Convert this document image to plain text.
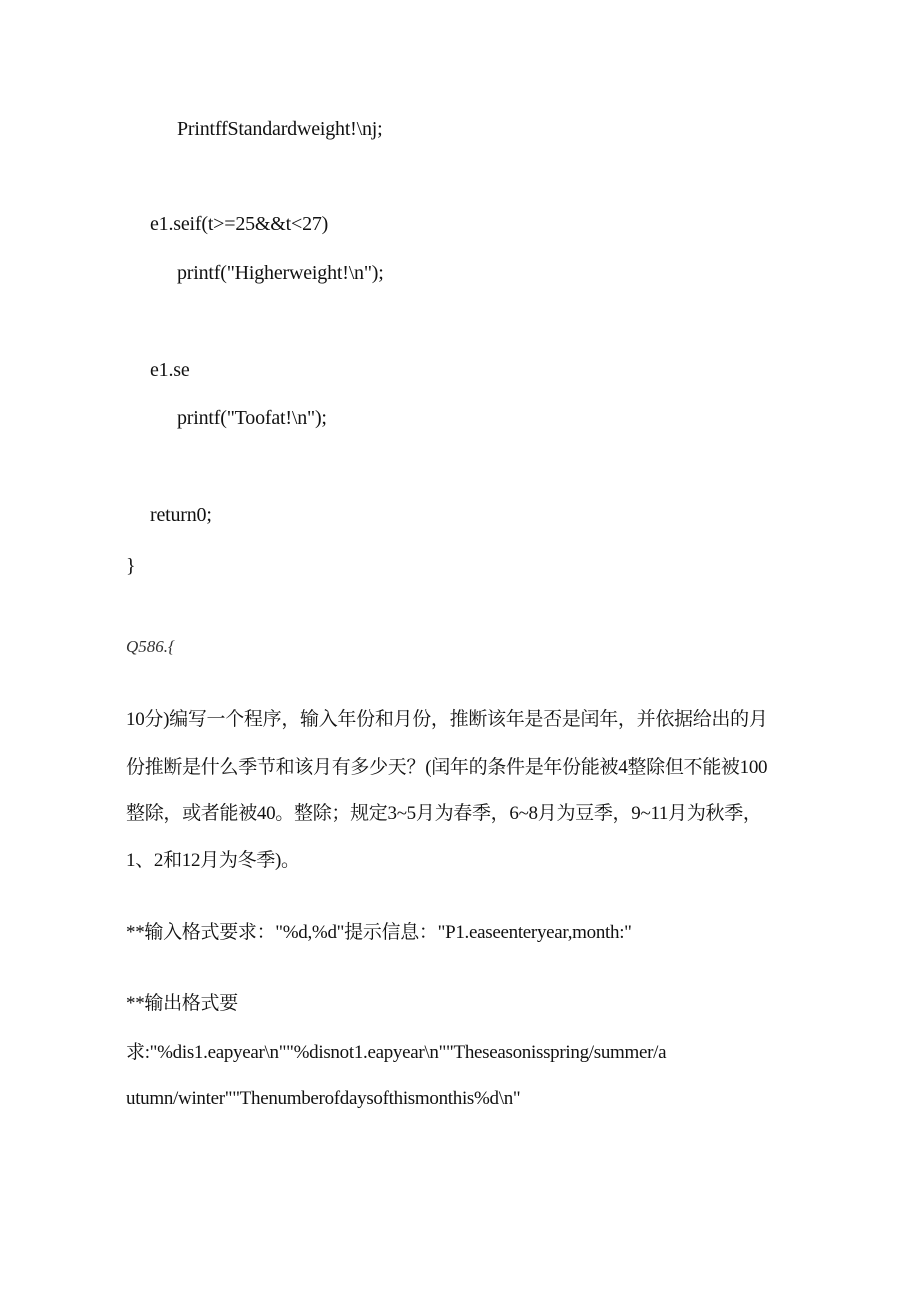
PrintffStandardweight!\nj;
e1.seif(t>=25&&t<27)
printf("Higherweight!\n");
e1.se
printf("Toofat!\n");
return0;
}
Q586.{
10分)编写一个程序，输入年份和月份，推断该年是否是闰年，并依据给出的月
份推断是什么季节和该月有多少天？(闰年的条件是年份能被4整除但不能被100
整除，或者能被40。整除；规定3~5月为春季，6~8月为豆季，9~11月为秋季，
1、2和12月为冬季)。
**输入格式要求："%d,%d"提示信息："P1.easeenteryear,month:"
**输出格式要
求:"%dis1.eapyear\n""%disnot1.eapyear\n""Theseasonisspring/summer/a
utumn/winter""Thenumberofdaysofthismonthis%d\n"
